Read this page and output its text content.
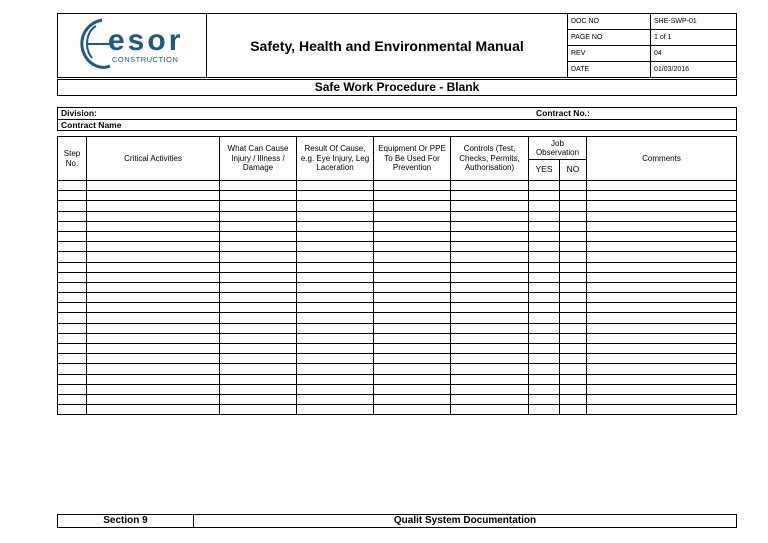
esor
CONSTRUCTION
	Safety, Health and Environmental Manual	
DOC NO	SHE-SWP-01
PAGE NO	1 of 1
REV	04
DATE	01/03/2016
Safe Work Procedure - Blank
Division:	Contract No.:
Contract Name
Step No.	Critical Activities	What Can Cause Injury / Illness / Damage	Result Of Cause, e.g. Eye Injury, Leg Laceration	Equipment Or PPE To Be Used For Prevention	Controls (Test, Checks, Permits, Authorisation)	Job Observation		Comments
						YES	NO	

Section 9	Qualit System Documentation
